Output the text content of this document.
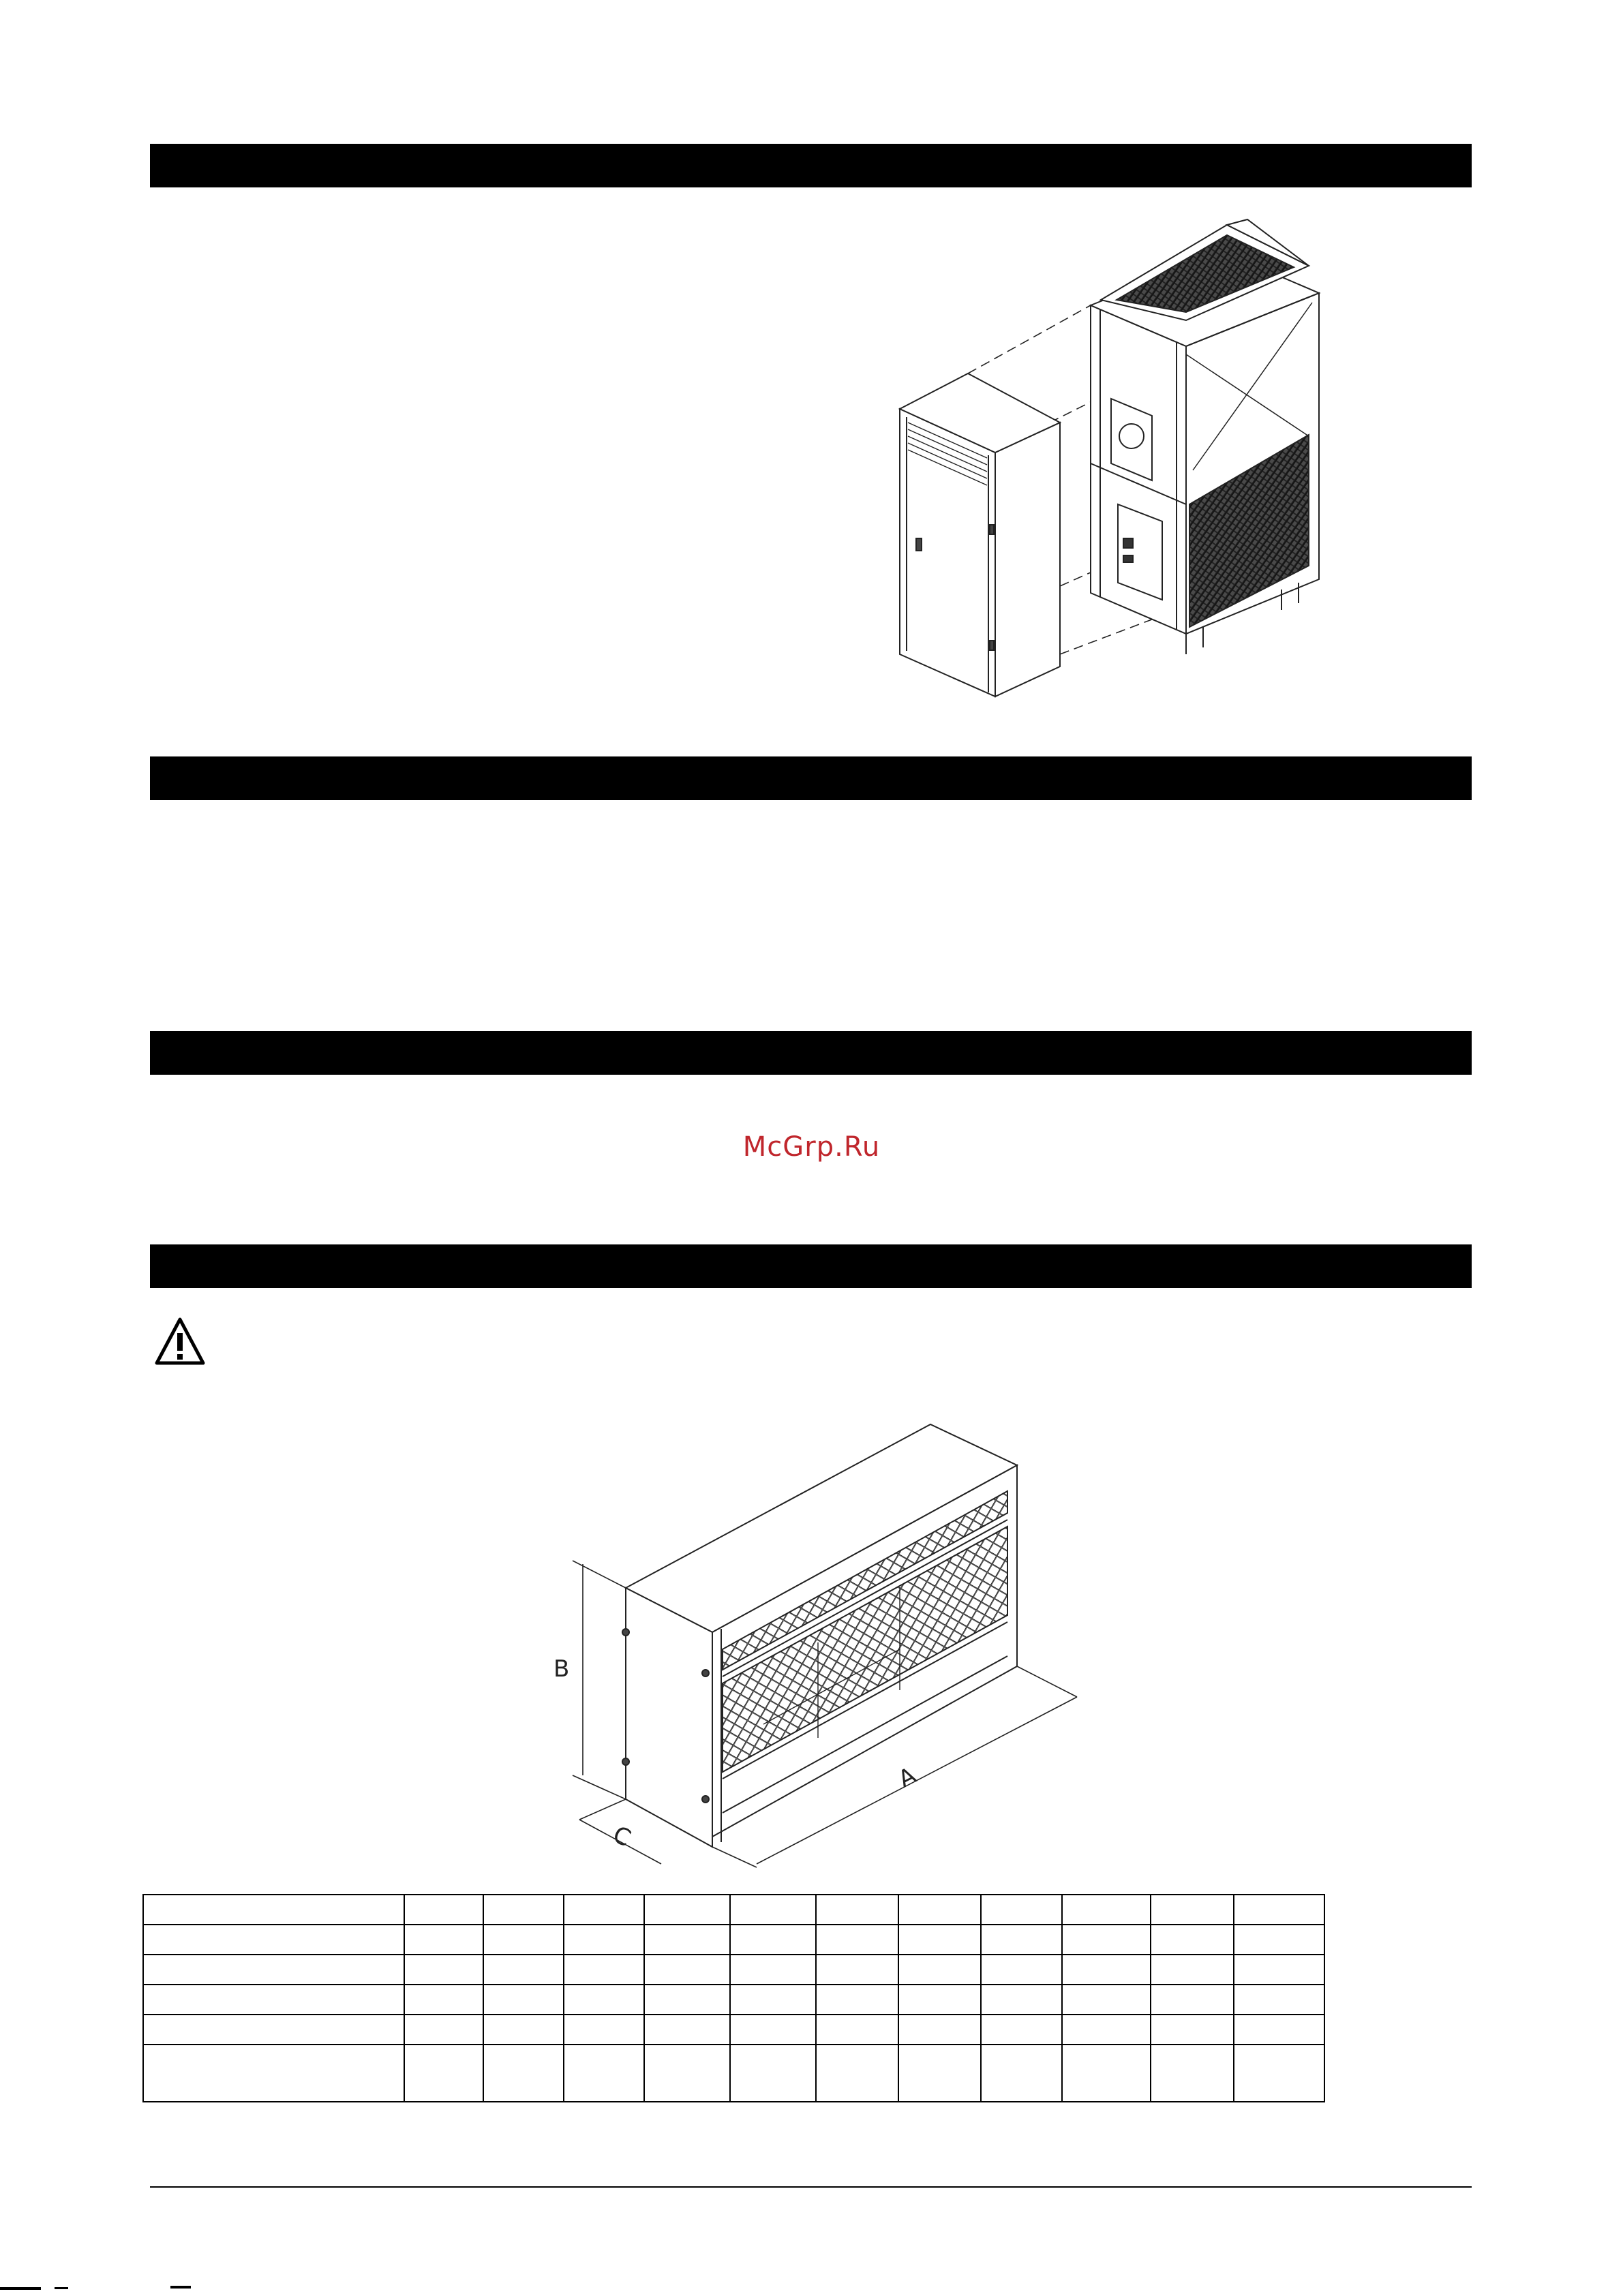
McGrp.Ru
B
A
C
